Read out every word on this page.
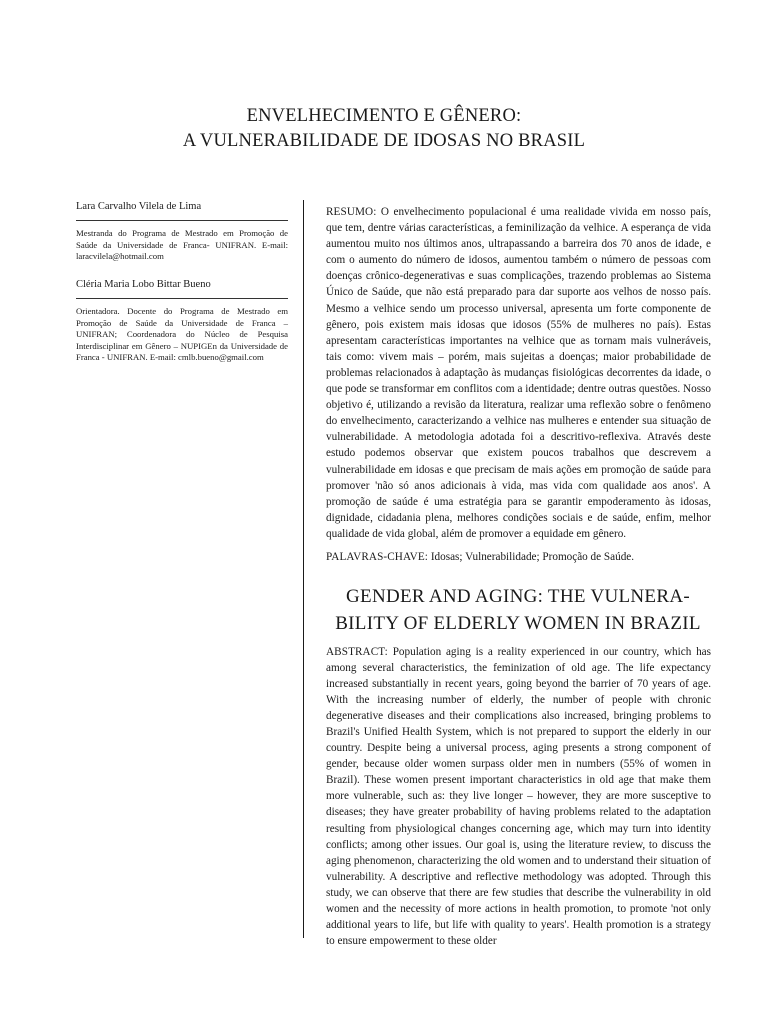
ENVELHECIMENTO E GÊNERO:
A VULNERABILIDADE DE IDOSAS NO BRASIL
Lara Carvalho Vilela de Lima
Mestranda do Programa de Mestrado em Promoção de Saúde da Universidade de Franca- UNIFRAN. E-mail: laracvilela@hotmail.com
Cléria Maria Lobo Bittar Bueno
Orientadora. Docente do Programa de Mestrado em Promoção de Saúde da Universidade de Franca – UNIFRAN; Coordenadora do Núcleo de Pesquisa Interdisciplinar em Gênero – NUPIGEn da Universidade de Franca - UNIFRAN. E-mail: cmlb.bueno@gmail.com
RESUMO: O envelhecimento populacional é uma realidade vivida em nosso país, que tem, dentre várias características, a feminilização da velhice. A esperança de vida aumentou muito nos últimos anos, ultrapassando a barreira dos 70 anos de idade, e com o aumento do número de idosos, aumentou também o número de pessoas com doenças crônico-degenerativas e suas complicações, trazendo problemas ao Sistema Único de Saúde, que não está preparado para dar suporte aos velhos de nosso país. Mesmo a velhice sendo um processo universal, apresenta um forte componente de gênero, pois existem mais idosas que idosos (55% de mulheres no país). Estas apresentam características importantes na velhice que as tornam mais vulneráveis, tais como: vivem mais – porém, mais sujeitas a doenças; maior probabilidade de problemas relacionados à adaptação às mudanças fisiológicas decorrentes da idade, o que pode se transformar em conflitos com a identidade; dentre outras questões. Nosso objetivo é, utilizando a revisão da literatura, realizar uma reflexão sobre o fenômeno do envelhecimento, caracterizando a velhice nas mulheres e entender sua situação de vulnerabilidade. A metodologia adotada foi a descritivo-reflexiva. Através deste estudo podemos observar que existem poucos trabalhos que descrevem a vulnerabilidade em idosas e que precisam de mais ações em promoção de saúde para promover 'não só anos adicionais à vida, mas vida com qualidade aos anos'. A promoção de saúde é uma estratégia para se garantir empoderamento às idosas, dignidade, cidadania plena, melhores condições sociais e de saúde, enfim, melhor qualidade de vida global, além de promover a equidade em gênero.
PALAVRAS-CHAVE: Idosas; Vulnerabilidade; Promoção de Saúde.
GENDER AND AGING: THE VULNERA-
BILITY OF ELDERLY WOMEN IN BRAZIL
ABSTRACT: Population aging is a reality experienced in our country, which has among several characteristics, the feminization of old age. The life expectancy increased substantially in recent years, going beyond the barrier of 70 years of age. With the increasing number of elderly, the number of people with chronic degenerative diseases and their complications also increased, bringing problems to Brazil's Unified Health System, which is not prepared to support the elderly in our country. Despite being a universal process, aging presents a strong component of gender, because older women surpass older men in numbers (55% of women in Brazil). These women present important characteristics in old age that make them more vulnerable, such as: they live longer – however, they are more susceptive to diseases; they have greater probability of having problems related to the adaptation resulting from physiological changes concerning age, which may turn into identity conflicts; among other issues. Our goal is, using the literature review, to discuss the aging phenomenon, characterizing the old women and to understand their situation of vulnerability. A descriptive and reflective methodology was adopted. Through this study, we can observe that there are few studies that describe the vulnerability in old women and the necessity of more actions in health promotion, to promote 'not only additional years to life, but life with quality to years'. Health promotion is a strategy to ensure empowerment to these older
